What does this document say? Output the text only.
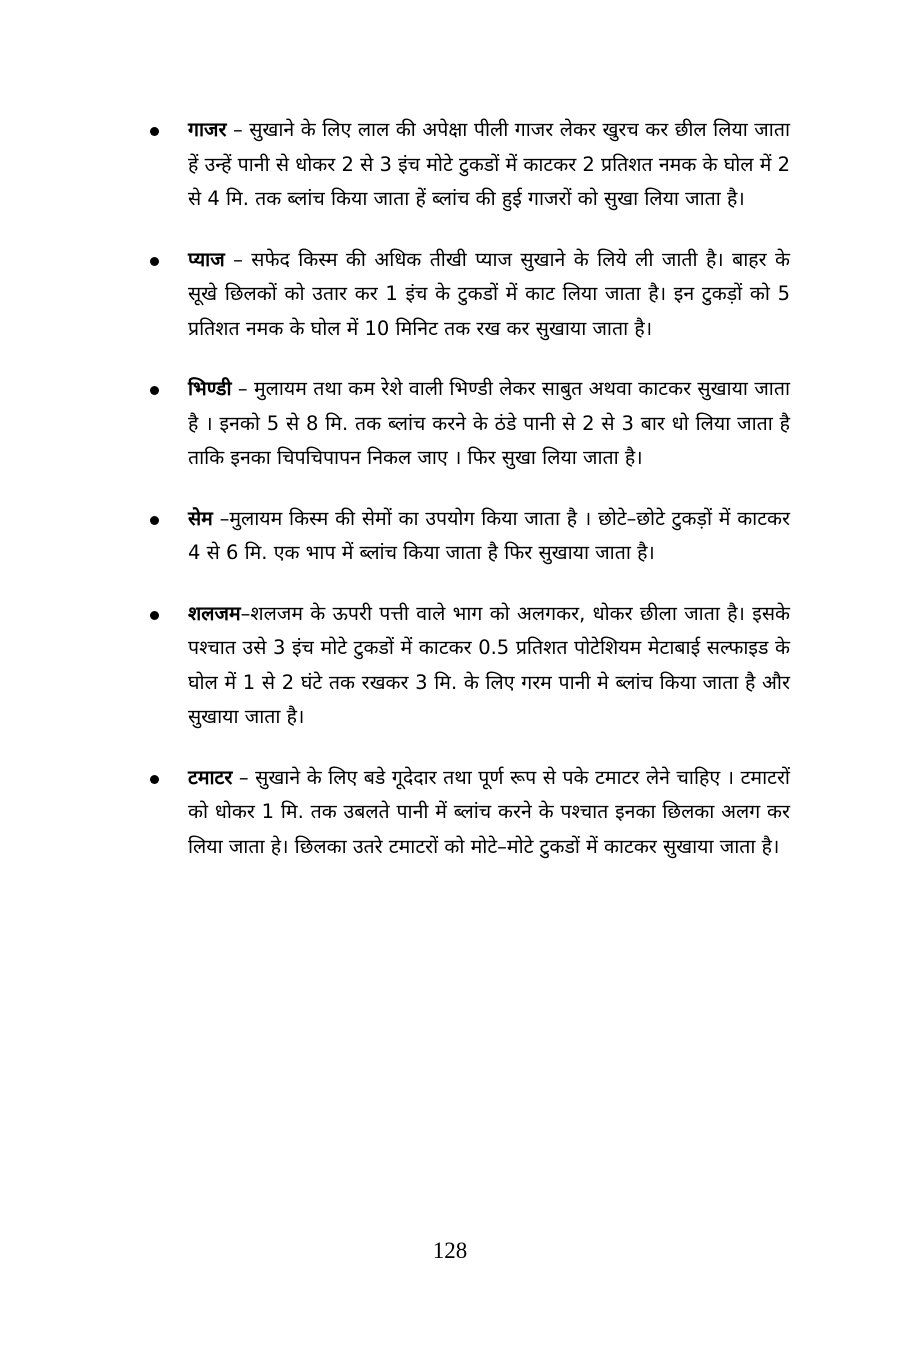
गाजर – सुखाने के लिए लाल की अपेक्षा पीली गाजर लेकर खुरच कर छील लिया जाता हें उन्हें पानी से धोकर 2 से 3 इंच मोटे टुकडों में काटकर 2 प्रतिशत नमक के घोल में 2 से 4 मि. तक ब्लांच किया जाता हें ब्लांच की हुई गाजरों को सुखा लिया जाता है।
प्याज – सफेद किस्म की अधिक तीखी प्याज सुखाने के लिये ली जाती है। बाहर के सूखे छिलकों को उतार कर 1 इंच के टुकडों में काट लिया जाता है। इन टुकड़ों को 5 प्रतिशत नमक के घोल में 10 मिनिट तक रख कर सुखाया जाता है।
भिण्डी – मुलायम तथा कम रेशे वाली भिण्डी लेकर साबुत अथवा काटकर सुखाया जाता है । इनको 5 से 8 मि. तक ब्लांच करने के ठंडे पानी से 2 से 3 बार धो लिया जाता है ताकि इनका चिपचिपापन निकल जाए । फिर सुखा लिया जाता है।
सेम –मुलायम किस्म की सेमों का उपयोग किया जाता है । छोटे–छोटे टुकड़ों में काटकर 4 से 6 मि. एक भाप में ब्लांच किया जाता है फिर सुखाया जाता है।
शलजम–शलजम के ऊपरी पत्ती वाले भाग को अलगकर, धोकर छीला जाता है। इसके पश्चात उसे 3 इंच मोटे टुकडों में काटकर 0.5 प्रतिशत पोटेशियम मेटाबाई सल्फाइड के घोल में 1 से 2 घंटे तक रखकर 3 मि. के लिए गरम पानी मे ब्लांच किया जाता है और सुखाया जाता है।
टमाटर – सुखाने के लिए बडे गूदेदार तथा पूर्ण रूप से पके टमाटर लेने चाहिए । टमाटरों को धोकर 1 मि. तक उबलते पानी में ब्लांच करने के पश्चात इनका छिलका अलग कर लिया जाता हे। छिलका उतरे टमाटरों को मोटे–मोटे टुकडों में काटकर सुखाया जाता है।
128
